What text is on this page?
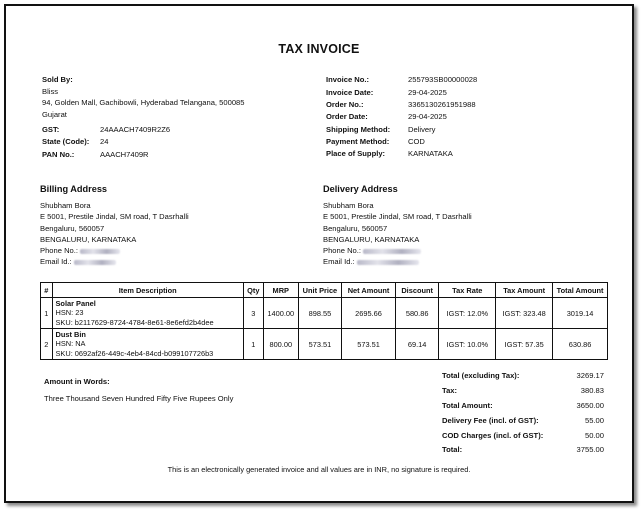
TAX INVOICE
Sold By:
Bliss
94, Golden Mall, Gachibowli, Hyderabad Telangana, 500085
Gujarat
GST:	24AAACH7409R2Z6
State (Code):	24
PAN No.:	AAACH7409R
Invoice No.:	255793SB00000028
Invoice Date:	29-04-2025
Order No.:	3365130261951988
Order Date:	29-04-2025
Shipping Method:	Delivery
Payment Method:	COD
Place of Supply:	KARNATAKA
Billing Address
Shubham Bora
E 5001, Prestile Jindal, SM road, T Dasrhalli
Bengaluru, 560057
BENGALURU, KARNATAKA
Phone No.:
Email Id.:
Delivery Address
Shubham Bora
E 5001, Prestile Jindal, SM road, T Dasrhalli
Bengaluru, 560057
BENGALURU, KARNATAKA
Phone No.:
Email Id.:
#	Item Description	Qty	MRP	Unit Price	Net Amount	Discount	Tax Rate	Tax Amount	Total Amount
1	Solar Panel
HSN: 23
SKU: b2117629-8724-4784-8e61-8e6efd2b4dee	3	1400.00	898.55	2695.66	580.86	IGST: 12.0%	IGST: 323.48	3019.14
2	Dust Bin
HSN: NA
SKU: 0692af26-449c-4eb4-84cd-b099107726b3	1	800.00	573.51	573.51	69.14	IGST: 10.0%	IGST: 57.35	630.86
Amount in Words:
Three Thousand Seven Hundred Fifty Five Rupees Only
Total (excluding Tax):	3269.17
Tax:	380.83
Total Amount:	3650.00
Delivery Fee (incl. of GST):	55.00
COD Charges (incl. of GST):	50.00
Total:	3755.00
This is an electronically generated invoice and all values are in INR, no signature is required.
